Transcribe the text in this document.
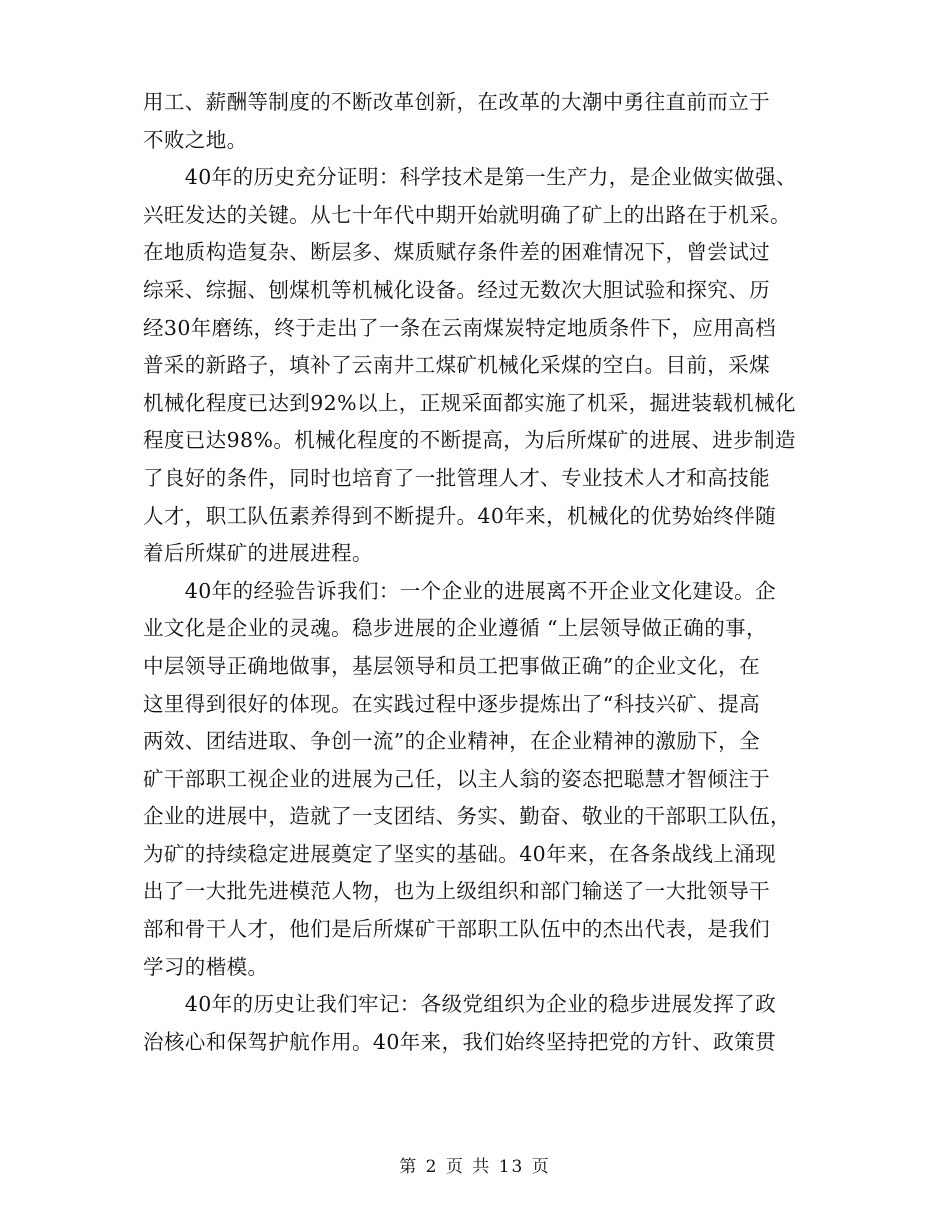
用工、薪酬等制度的不断改革创新，在改革的大潮中勇往直前而立于
不败之地。
　　40年的历史充分证明：科学技术是第一生产力，是企业做实做强、
兴旺发达的关键。从七十年代中期开始就明确了矿上的出路在于机采。
在地质构造复杂、断层多、煤质赋存条件差的困难情况下，曾尝试过
综采、综掘、刨煤机等机械化设备。经过无数次大胆试验和探究、历
经30年磨练，终于走出了一条在云南煤炭特定地质条件下，应用高档
普采的新路子，填补了云南井工煤矿机械化采煤的空白。目前，采煤
机械化程度已达到92%以上，正规采面都实施了机采，掘进装载机械化
程度已达98%。机械化程度的不断提高，为后所煤矿的进展、进步制造
了良好的条件，同时也培育了一批管理人才、专业技术人才和高技能
人才，职工队伍素养得到不断提升。40年来，机械化的优势始终伴随
着后所煤矿的进展进程。
　　40年的经验告诉我们：一个企业的进展离不开企业文化建设。企
业文化是企业的灵魂。稳步进展的企业遵循 “上层领导做正确的事，
中层领导正确地做事，基层领导和员工把事做正确”的企业文化，在
这里得到很好的体现。在实践过程中逐步提炼出了“科技兴矿、提高
两效、团结进取、争创一流”的企业精神，在企业精神的激励下，全
矿干部职工视企业的进展为己任，以主人翁的姿态把聪慧才智倾注于
企业的进展中，造就了一支团结、务实、勤奋、敬业的干部职工队伍，
为矿的持续稳定进展奠定了坚实的基础。40年来，在各条战线上涌现
出了一大批先进模范人物，也为上级组织和部门输送了一大批领导干
部和骨干人才，他们是后所煤矿干部职工队伍中的杰出代表，是我们
学习的楷模。
　　40年的历史让我们牢记：各级党组织为企业的稳步进展发挥了政
治核心和保驾护航作用。40年来，我们始终坚持把党的方针、政策贯
第 2 页 共 13 页
